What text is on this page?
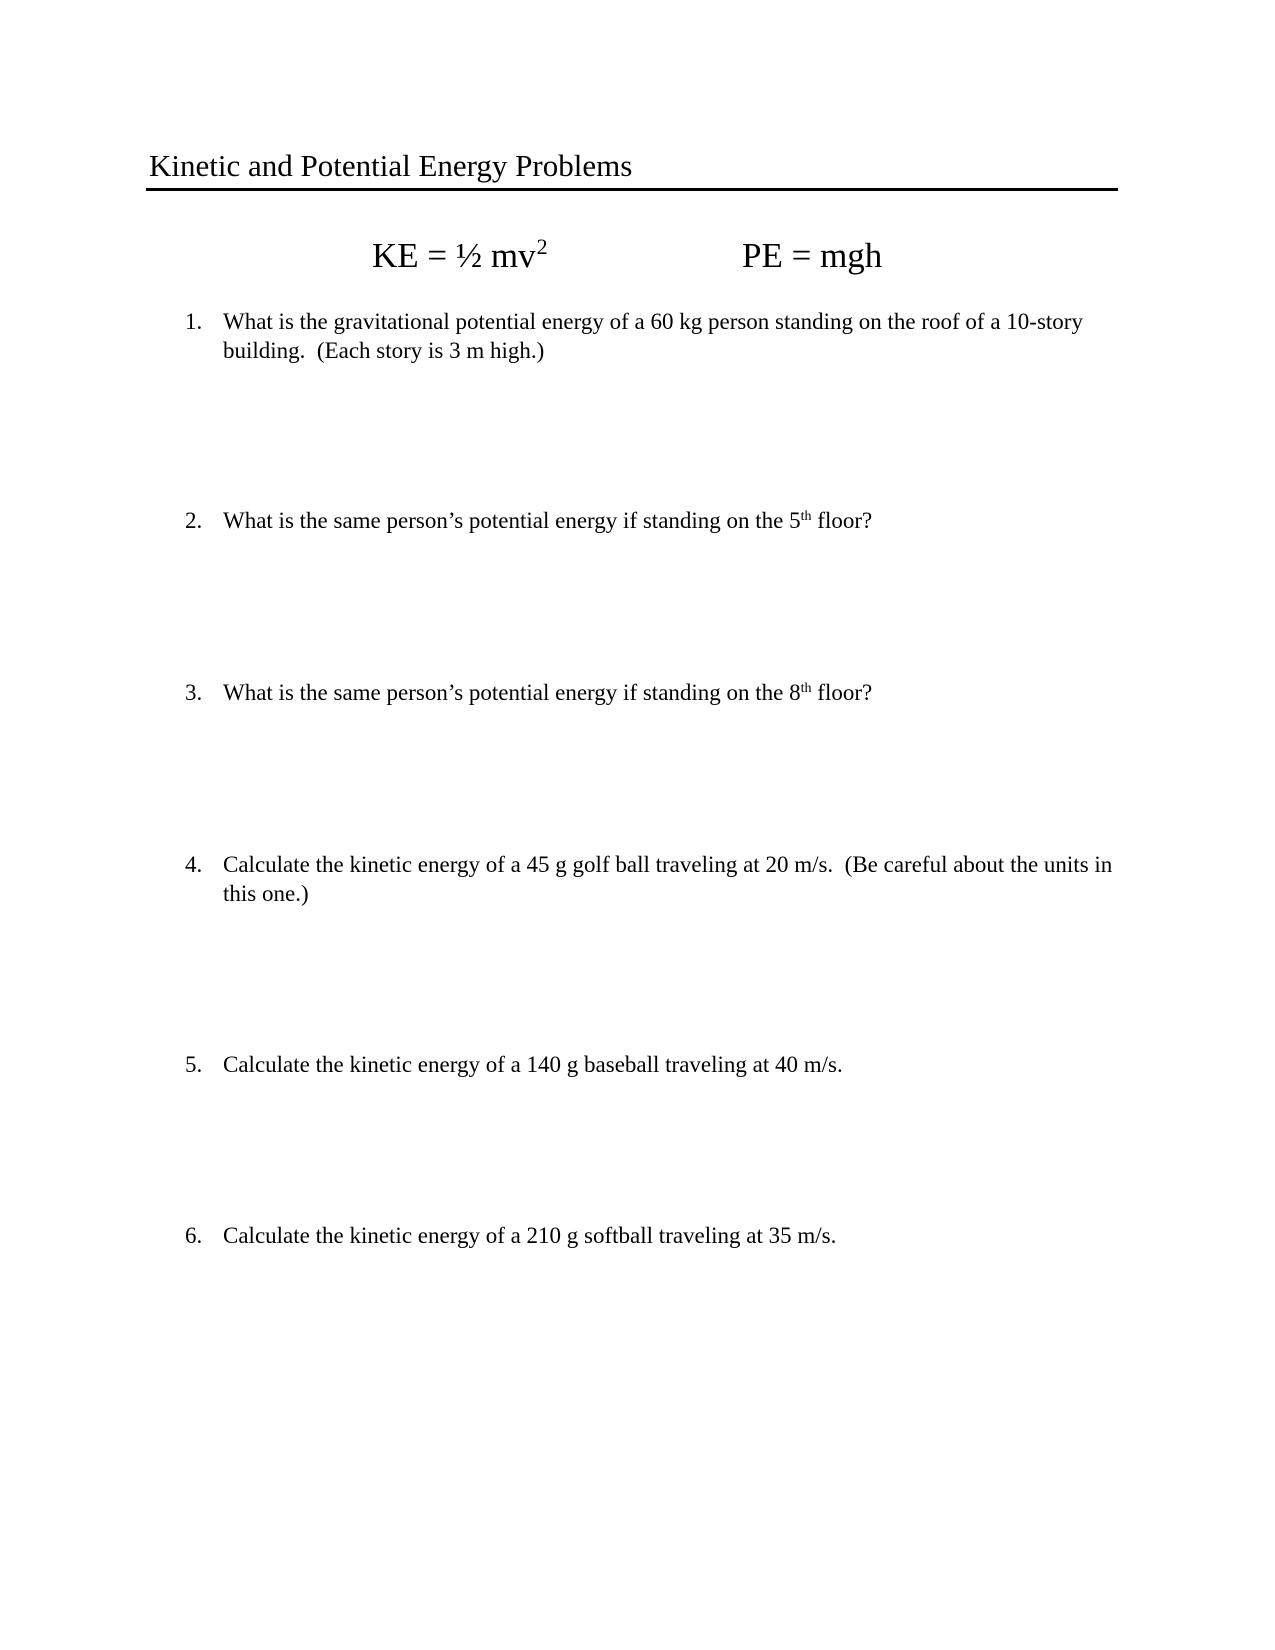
Kinetic and Potential Energy Problems
KE = ½ $mv^2$	PE = mgh
1. What is the gravitational potential energy of a 60 kg person standing on the roof of a 10-story building.  (Each story is 3 m high.)
2. What is the same person’s potential energy if standing on the 5th floor?
3. What is the same person’s potential energy if standing on the 8th floor?
4. Calculate the kinetic energy of a 45 g golf ball traveling at 20 m/s.  (Be careful about the units in this one.)
5. Calculate the kinetic energy of a 140 g baseball traveling at 40 m/s.
6. Calculate the kinetic energy of a 210 g softball traveling at 35 m/s.
